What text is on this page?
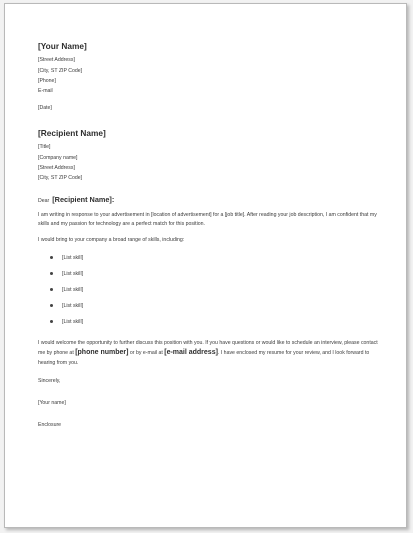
[Your Name]
[Street Address]
[City, ST ZIP Code]
[Phone]
E-mail
[Date]
[Recipient Name]
[Title]
[Company name]
[Street Address]
[City, ST ZIP Code]
Dear [Recipient Name]:
I am writing in response to your advertisement in [location of advertisement] for a [job title]. After reading your job description, I am confident that my skills and my passion for technology are a perfect match for this position.
I would bring to your company a broad range of skills, including:
[List skill]
[List skill]
[List skill]
[List skill]
[List skill]
I would welcome the opportunity to further discuss this position with you. If you have questions or would like to schedule an interview, please contact me by phone at [phone number] or by e-mail at [e-mail address]. I have enclosed my resume for your review, and I look forward to hearing from you.
Sincerely,
[Your name]
Enclosure
